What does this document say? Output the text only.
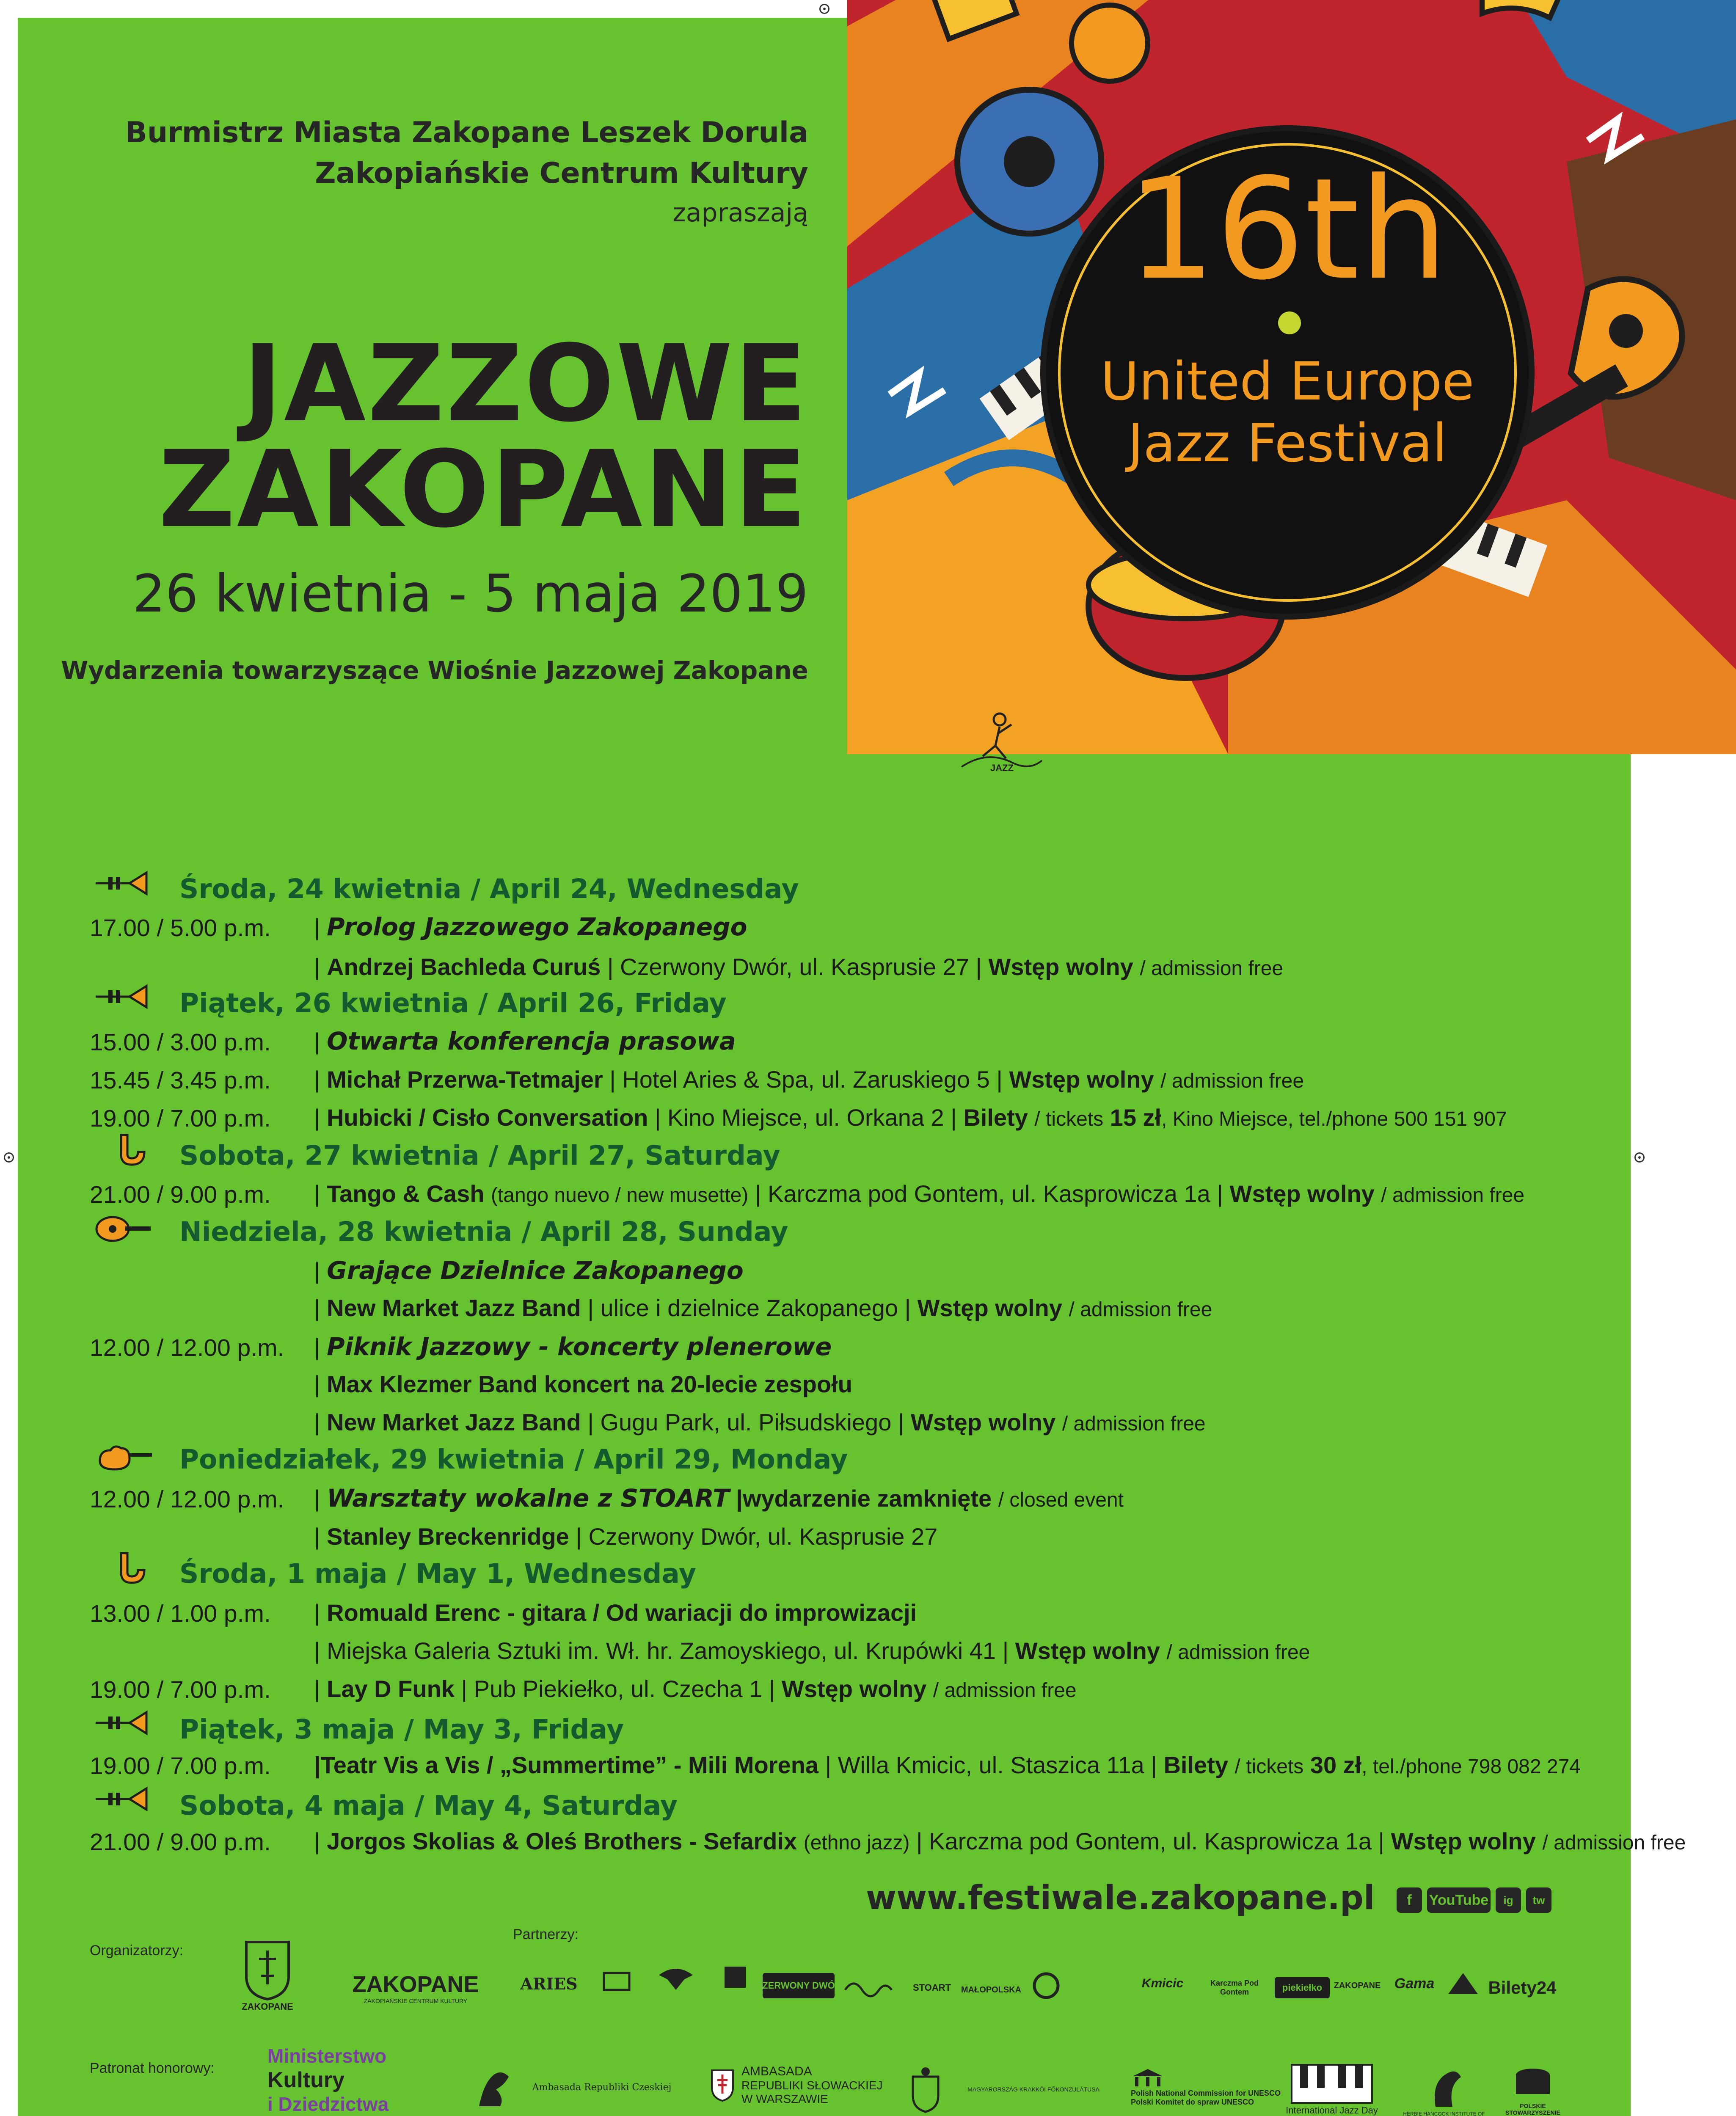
Burmistrz Miasta Zakopane Leszek Dorula
Zakopiańskie Centrum Kultury
zapraszają
JAZZOWE
ZAKOPANE
26 kwietnia - 5 maja 2019
Wydarzenia towarzyszące Wiośnie Jazzowej Zakopane
16th
United Europe
Jazz Festival
JAZZ
Środa, 24 kwietnia / April 24, Wednesday
17.00 / 5.00 p.m. | Prolog Jazzowego Zakopanego
| Andrzej Bachleda Curuś | Czerwony Dwór, ul. Kasprusie 27 | Wstęp wolny / admission free
Piątek, 26 kwietnia / April 26, Friday
15.00 / 3.00 p.m. | Otwarta konferencja prasowa
15.45 / 3.45 p.m. | Michał Przerwa-Tetmajer | Hotel Aries & Spa, ul. Zaruskiego 5 | Wstęp wolny / admission free
19.00 / 7.00 p.m. | Hubicki / Cisło Conversation | Kino Miejsce, ul. Orkana 2 | Bilety / tickets 15 zł, Kino Miejsce, tel./phone 500 151 907
Sobota, 27 kwietnia / April 27, Saturday
21.00 / 9.00 p.m. | Tango & Cash (tango nuevo / new musette) | Karczma pod Gontem, ul. Kasprowicza 1a | Wstęp wolny / admission free
Niedziela, 28 kwietnia / April 28, Sunday
| Grające Dzielnice Zakopanego
| New Market Jazz Band | ulice i dzielnice Zakopanego | Wstęp wolny / admission free
12.00 / 12.00 p.m. | Piknik Jazzowy - koncerty plenerowe
| Max Klezmer Band koncert na 20-lecie zespołu
| New Market Jazz Band | Gugu Park, ul. Piłsudskiego | Wstęp wolny / admission free
Poniedziałek, 29 kwietnia / April 29, Monday
12.00 / 12.00 p.m. | Warsztaty wokalne z STOART |wydarzenie zamknięte / closed event
| Stanley Breckenridge | Czerwony Dwór, ul. Kasprusie 27
Środa, 1 maja / May 1, Wednesday
13.00 / 1.00 p.m. | Romuald Erenc - gitara / Od wariacji do improwizacji
| Miejska Galeria Sztuki im. Wł. hr. Zamoyskiego, ul. Krupówki 41 | Wstęp wolny / admission free
19.00 / 7.00 p.m. | Lay D Funk | Pub Piekiełko, ul. Czecha 1 | Wstęp wolny / admission free
Piątek, 3 maja / May 3, Friday
19.00 / 7.00 p.m. |Teatr Vis a Vis / „Summertime” - Mili Morena | Willa Kmicic, ul. Staszica 11a | Bilety / tickets 30 zł, tel./phone 798 082 274
Sobota, 4 maja / May 4, Saturday
21.00 / 9.00 p.m. | Jorgos Skolias & Oleś Brothers - Sefardix (ethno jazz) | Karczma pod Gontem, ul. Kasprowicza 1a | Wstęp wolny / admission free
www.festiwale.zakopane.pl	f	YouTube	ig	tw
Organizatorzy:
ZAKOPANE
ZAKOPANE
ZAKOPIAŃSKIE CENTRUM KULTURY
Partnerzy:
ARIES	CZERWONY DWÓR	STOART	MAŁOPOLSKA	Kmicic	Karczma Pod Gontem	piekiełko	ZAKOPANE Gama	Bilety24
Patronat honorowy:
Ministerstwo
Kultury
i Dziedzictwa
Ambasada Republiki Czeskiej
AMBASADA
REPUBLIKI SŁOWACKIEJ
W WARSZAWIE
MAGYARORSZÁG KRAKKÓI FŐKONZULÁTUSA	Polish National Commission for UNESCO
Polski Komitet do spraw UNESCO
International Jazz Day	HERBIE HANCOCK INSTITUTE OF
POLSKIE STOWARZYSZENIE
